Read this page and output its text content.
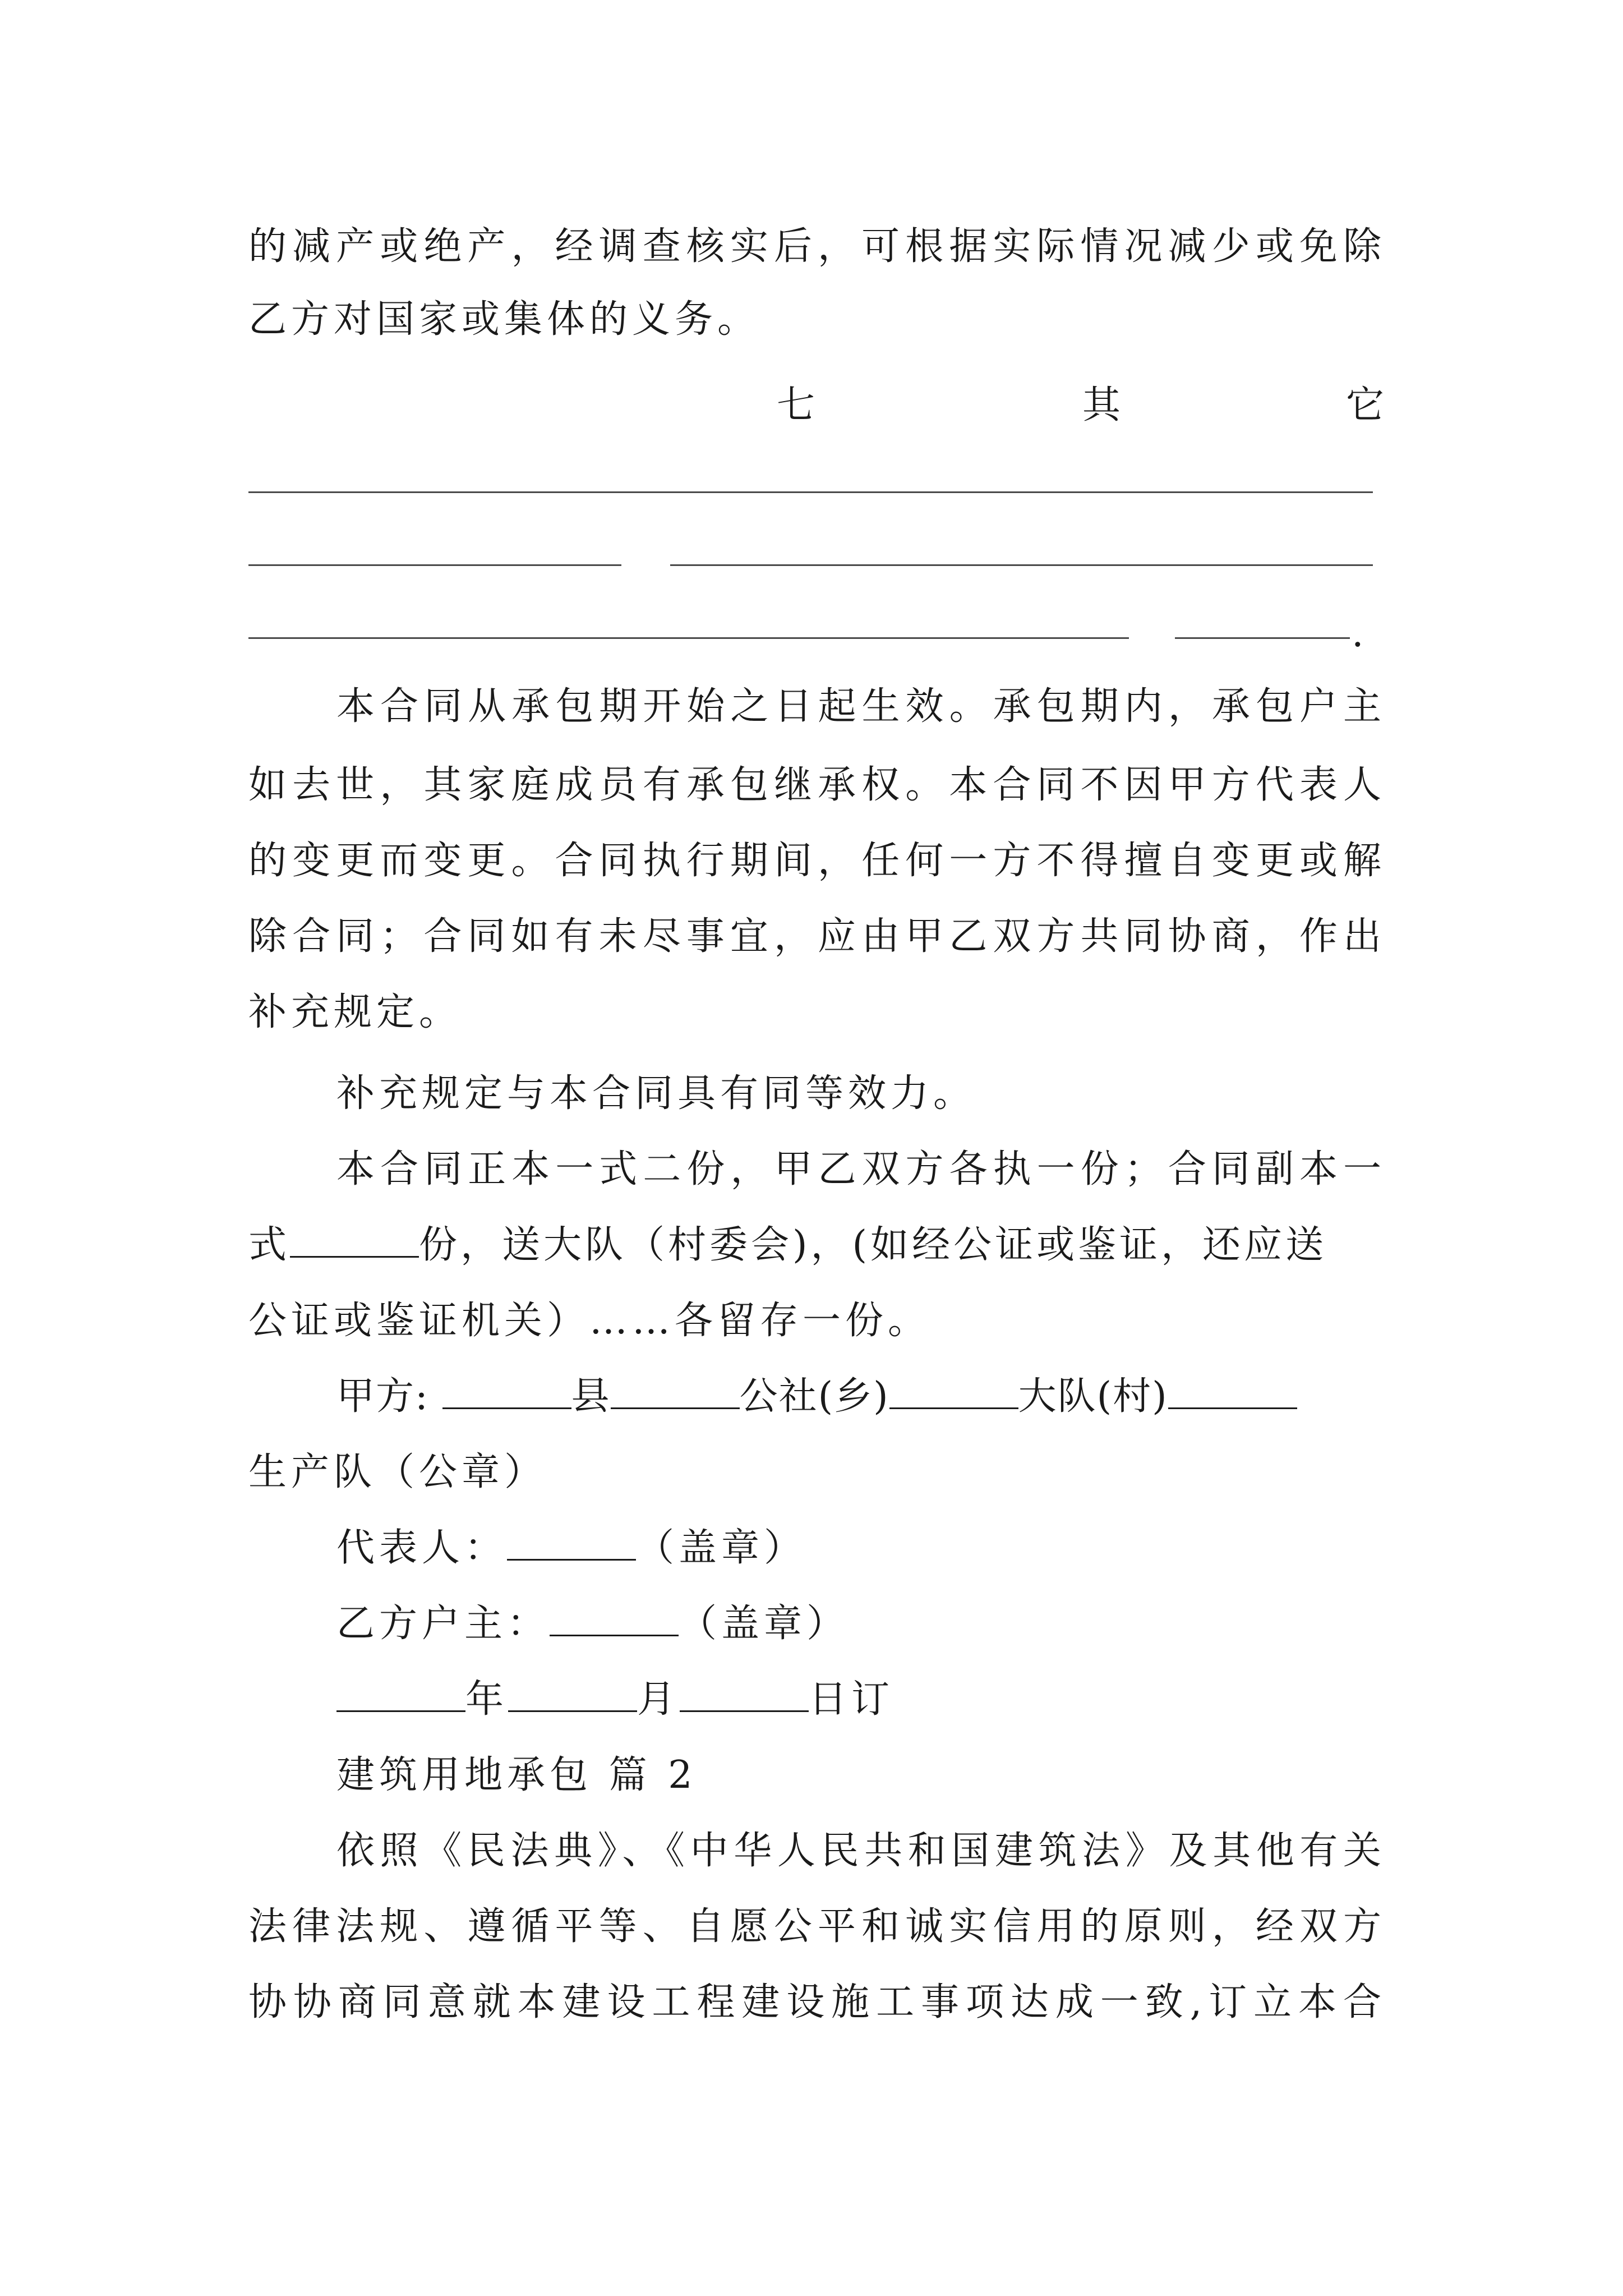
的减产或绝产，经调查核实后，可根据实际情况减少或免除
乙方对国家或集体的义务。
七	其	它
.
本合同从承包期开始之日起生效。承包期内，承包户主
如去世，其家庭成员有承包继承权。本合同不因甲方代表人
的变更而变更。合同执行期间，任何一方不得擅自变更或解
除合同；合同如有未尽事宜，应由甲乙双方共同协商，作出
补充规定。
补充规定与本合同具有同等效力。
本合同正本一式二份，甲乙双方各执一份；合同副本一
式	份，送大队（村委会)，(如经公证或鉴证，还应送
公证或鉴证机关）……各留存一份。
甲方:	县	公社(乡)	大队(村)
生产队（公章）
代表人：	（盖章）
乙方户主：	（盖章）
年	月	日订
建筑用地承包 篇 2
依照《民法典》、《中华人民共和国建筑法》及其他有关
法律法规、遵循平等、自愿公平和诚实信用的原则，经双方
协协商同意就本建设工程建设施工事项达成一致,订立本合
